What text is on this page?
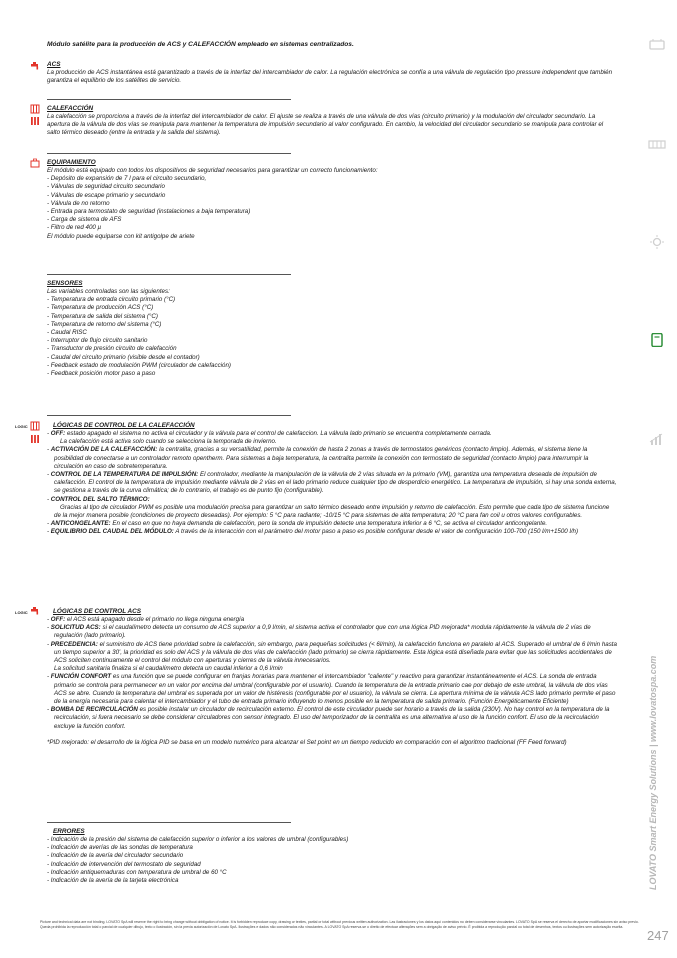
Módulo satélite para la producción de ACS y CALEFACCIÓN empleado en sistemas centralizados.
ACS

La producción de ACS instantánea está garantizado a través de la interfaz del intercambiador de calor. La regulación electrónica se confía a una válvula de regulación tipo pressure independent que también garantiza el equilibrio de los satélites de servicio.

CALEFACCIÓN

La calefacción se proporciona a través de la interfaz del intercambiador de calor. El ajuste se realiza a través de una válvula de dos vías (circuito primario) y la modulación del circulador secundario. La apertura de la válvula de dos vías se manipula para mantener la temperatura de impulsión secundario al valor configurado. En cambio, la velocidad del circulador secundario se manipula para controlar el salto térmico deseado (entre la entrada y la salida del sistema).

EQUIPAMIENTO

El módulo está equipado con todos los dispositivos de seguridad necesarios para garantizar un correcto funcionamiento:

- Depósito de expansión de 7 l para el circuito secundario,
- Válvulas de seguridad circuito secundario
- Válvulas de escape primario y secundario
- Válvula de no retorno
- Entrada para termostato de seguridad (instalaciones a baja temperatura)
- Carga de sistema de AFS
- Filtro de red 400 µ

El módulo puede equiparse con kit antigolpe de ariete

SENSORES

Las variables controladas son las siguientes:

- Temperatura de entrada circuito primario (°C)
- Temperatura de producción ACS (°C)
- Temperatura de salida del sistema (°C)
- Temperatura de retorno del sistema (°C)
- Caudal RISC
- Interruptor de flujo circuito sanitario
- Transductor de presión circuito de calefacción
- Caudal del circuito primario (visible desde el contador)
- Feedback estado de modulación PWM (circulador de calefacción)
- Feedback posición motor paso a paso
LOGIC	LÓGICAS DE CONTROL DE LA CALEFACCIÓN
- OFF: estado apagado el sistema no activa el circulador y la válvula para el control de calefaccion. La válvula lado primario se encuentra completamente cerrada.
La calefacción está activa solo cuando se selecciona la temporada de invierno.
- ACTIVACIÓN DE LA CALEFACCIÓN: la centralita, gracias a su versatilidad, permite la conexión de hasta 2 zonas a través de termostatos genéricos (contacto limpio). Además, el sistema tiene la posibilidad de conectarse a un controlador remoto opentherm. Para sistemas a baja temperatura, la centralita permite la conexión con termostato de seguridad (contacto limpio) para interrumpir la circulación en caso de sobretemperatura.
- CONTROL DE LA TEMPERATURA DE IMPULSIÓN: El controlador, mediante la manipulación de la válvula de 2 vías situada en la primario (VM), garantiza una temperatura deseada de impulsión de calefacción. El control de la temperatura de impulsión mediante válvula de 2 vías en el lado primario reduce cualquier tipo de desperdicio energético. La temperatura de impulsión, si hay una sonda externa, se gestiona a través de la curva climática; de lo contrario, el trabajo es de punto fijo (configurable).
- CONTROL DEL SALTO TÉRMICO:
Gracias al tipo de circulador PWM es posible una modulación precisa para garantizar un salto térmico deseado entre impulsión y retorno de calefacción. Esto permite que cada tipo de sistema funcione de la mejor manera posible (condiciones de proyecto deseadas). Por ejemplo: 5 °C para radiante; -10/15 °C para sistemas de alta temperatura; 20 °C para fan coil u otros valores configurables.
- ANTICONGELANTE: En el caso en que no haya demanda de calefacción, pero la sonda de impulsión detecte una temperatura inferior a 6 °C, se activa el circulador anticongelante.
- EQUILIBRIO DEL CAUDAL DEL MÓDULO: A través de la interacción con el parámetro del motor paso a paso es posible configurar desde el valor de configuración 100-700 (150 l/m+1500 l/h)
LOGIC	LÓGICAS DE CONTROL ACS
- OFF: el ACS está apagado desde el primario no llega ninguna energía
- SOLICITUD ACS: si el caudalímetro detecta un consumo de ACS superior a 0,9 l/min, el sistema activa el controlador que con una lógica PID mejorada* modula rápidamente la válvula de 2 vías de regulación (lado primario).
- PRECEDENCIA: el suministro de ACS tiene prioridad sobre la calefacción, sin embargo, para pequeñas solicitudes (< 6l/min), la calefacción funciona en paralelo al ACS. Superado el umbral de 6 l/min hasta un tiempo superior a 30', la prioridad es solo del ACS y la válvula de dos vías de calefacción (lado primario) se cierra rápidamente. Esta lógica está diseñada para evitar que las solicitudes accidentales de ACS soliciten continuamente el control del módulo con aperturas y cierres de la válvula innecesarios.
La solicitud sanitaria finaliza si el caudalímetro detecta un caudal inferior a 0,6 l/min
- FUNCIÓN CONFORT es una función que se puede configurar en franjas horarias para mantener el intercambiador "caliente" y reactivo para garantizar instantáneamente el ACS. La sonda de entrada primario se controla para permanecer en un valor por encima del umbral (configurable por el usuario). Cuando la temperatura de la entrada primario cae por debajo de este umbral, la válvula de dos vías ACS se abre. Cuando la temperatura del umbral es superada por un valor de histéresis (configurable por el usuario), la válvula se cierra. La apertura mínima de la válvula ACS lado primario permite el paso de la energía necesaria para calentar el intercambiador y el tubo de entrada primario influyendo lo menos posible en la temperatura de salida primario. (Función Energéticamente Eficiente)
- BOMBA DE RECIRCULACIÓN es posible instalar un circulador de recirculación externo. El control de este circulador puede ser horario a través de la salida (230V). No hay control en la temperatura de la recirculación, si fuera necesario se debe considerar circuladores con sensor integrado. El uso del temporizador de la centralita es una alternativa al uso de la función confort. El uso de la recirculación excluye la función confort.

*PID mejorado: el desarrollo de la lógica PID se basa en un modelo numérico para alcanzar el Set point en un tiempo reducido en comparación con el algoritmo tradicional (FF Feed forward)

ERRORES
- Indicación de la presión del sistema de calefacción superior o inferior a los valores de umbral (configurables)
- Indicación de averías de las sondas de temperatura
- Indicación de la avería del circulador secundario
- Indicación de intervención del termostato de seguridad
- Indicación antiquemaduras con temperatura de umbral de 60 °C
- Indicación de la avería de la tarjeta electrónica
Picture and technical data are not binding. LOVATO SpA will reserve the right to bring change without obbligation of notice. It is forbidden reproduce copy, drawing or texties, partial or total without previous written authorization. Las ilustraciones y los datos aquí contenidos no deben considerarse vinculantes. LOVATO SpA se reserva el derecho de aportar modificaciones sin aviso previo. Queda prohibida la reproducción total o parcial de cualquier dibujo, texto o ilustración, sin la previa autorización de Lovato SpA. Ilustrações e dados não considerados não vinculantes. A LOVATO SpA reserva-se o direito de efectuar alterações sem a obrigação de aviso prévio. É proibida a reprodução parcial ou total de desenhos, textos ou ilustrações sem autorização escrita.
LOVATO Smart Energy Solutions | www.lovatospa.com
247
